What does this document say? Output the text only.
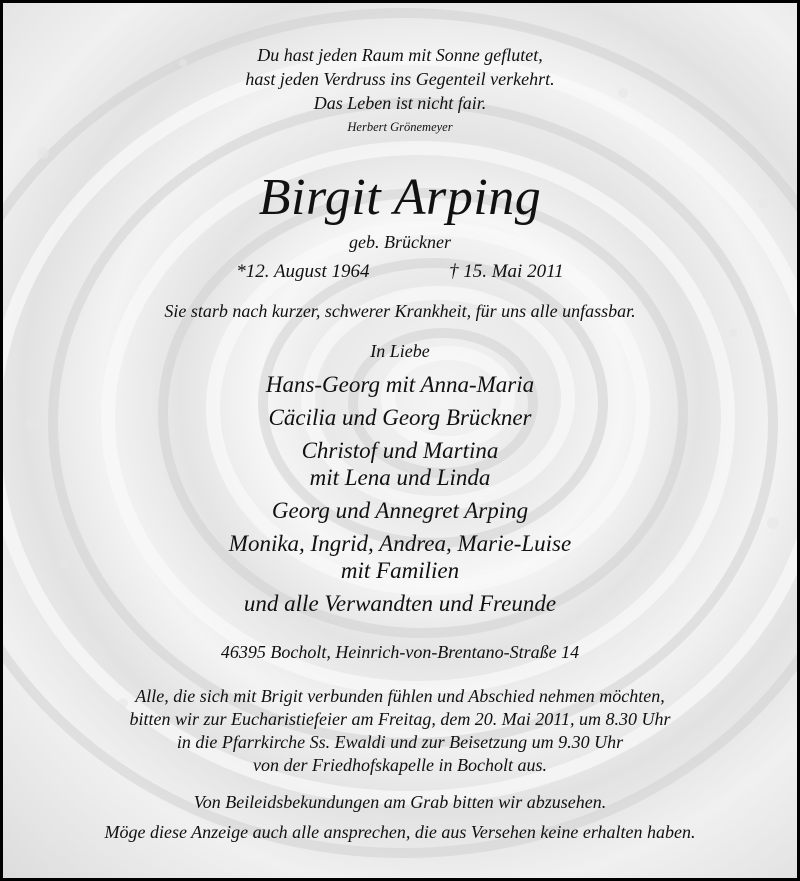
Du hast jeden Raum mit Sonne geflutet,
hast jeden Verdruss ins Gegenteil verkehrt.
Das Leben ist nicht fair.
Herbert Grönemeyer
Birgit Arping
geb. Brückner
*12. August 1964	† 15. Mai 2011
Sie starb nach kurzer, schwerer Krankheit, für uns alle unfassbar.
In Liebe
Hans-Georg mit Anna-Maria
Cäcilia und Georg Brückner
Christof und Martina
mit Lena und Linda
Georg und Annegret Arping
Monika, Ingrid, Andrea, Marie-Luise
mit Familien
und alle Verwandten und Freunde
46395 Bocholt, Heinrich-von-Brentano-Straße 14
Alle, die sich mit Brigit verbunden fühlen und Abschied nehmen möchten,
bitten wir zur Eucharistiefeier am Freitag, dem 20. Mai 2011, um 8.30 Uhr
in die Pfarrkirche Ss. Ewaldi und zur Beisetzung um 9.30 Uhr
von der Friedhofskapelle in Bocholt aus.
Von Beileidsbekundungen am Grab bitten wir abzusehen.
Möge diese Anzeige auch alle ansprechen, die aus Versehen keine erhalten haben.
